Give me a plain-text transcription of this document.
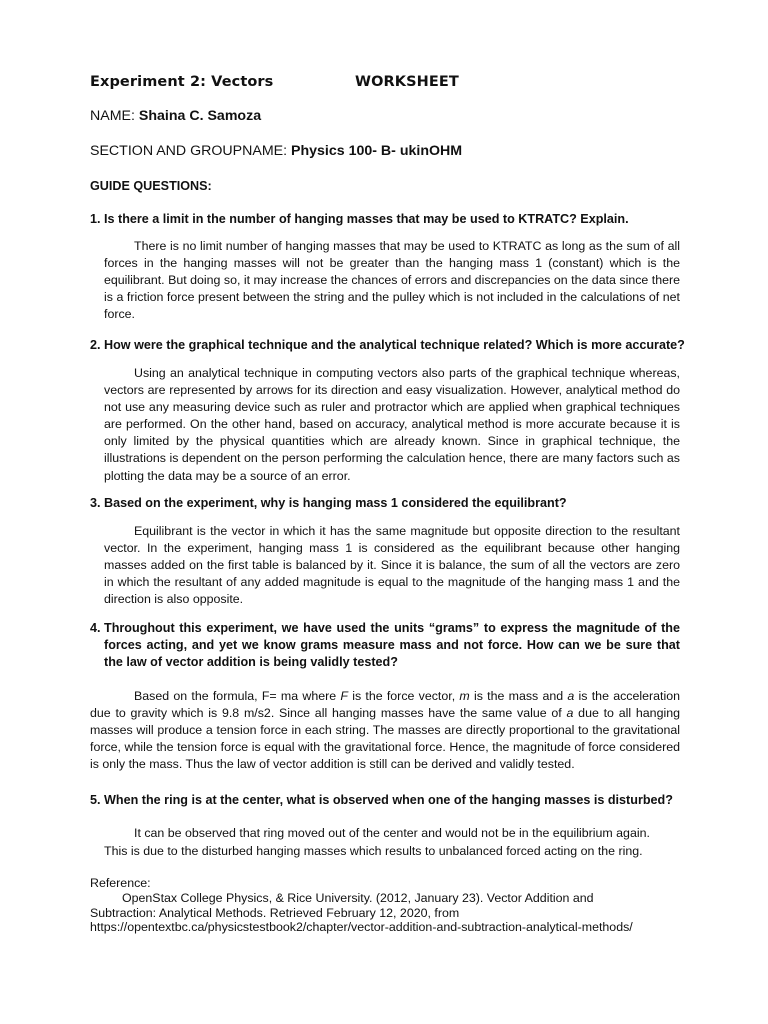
Experiment 2: Vectors	WORKSHEET
NAME: Shaina C. Samoza
SECTION AND GROUPNAME: Physics 100- B- ukinOHM
GUIDE QUESTIONS:
1. Is there a limit in the number of hanging masses that may be used to KTRATC? Explain.
There is no limit number of hanging masses that may be used to KTRATC as long as the sum of all forces in the hanging masses will not be greater than the hanging mass 1 (constant) which is the equilibrant. But doing so, it may increase the chances of errors and discrepancies on the data since there is a friction force present between the string and the pulley which is not included in the calculations of net force.
2. How were the graphical technique and the analytical technique related? Which is more accurate?
Using an analytical technique in computing vectors also parts of the graphical technique whereas, vectors are represented by arrows for its direction and easy visualization. However, analytical method do not use any measuring device such as ruler and protractor which are applied when graphical techniques are performed. On the other hand, based on accuracy, analytical method is more accurate because it is only limited by the physical quantities which are already known. Since in graphical technique, the illustrations is dependent on the person performing the calculation hence, there are many factors such as plotting the data may be a source of an error.
3. Based on the experiment, why is hanging mass 1 considered the equilibrant?
Equilibrant is the vector in which it has the same magnitude but opposite direction to the resultant vector. In the experiment, hanging mass 1 is considered as the equilibrant because other hanging masses added on the first table is balanced by it. Since it is balance, the sum of all the vectors are zero in which the resultant of any added magnitude is equal to the magnitude of the hanging mass 1 and the direction is also opposite.
4. Throughout this experiment, we have used the units “grams” to express the magnitude of the forces acting, and yet we know grams measure mass and not force. How can we be sure that the law of vector addition is being validly tested?
Based on the formula, F= ma where F is the force vector, m is the mass and a is the acceleration due to gravity which is 9.8 m/s2. Since all hanging masses have the same value of a due to all hanging masses will produce a tension force in each string. The masses are directly proportional to the gravitational force, while the tension force is equal with the gravitational force. Hence, the magnitude of force considered is only the mass. Thus the law of vector addition is still can be derived and validly tested.
5. When the ring is at the center, what is observed when one of the hanging masses is disturbed?
It can be observed that ring moved out of the center and would not be in the equilibrium again.
This is due to the disturbed hanging masses which results to unbalanced forced acting on the ring.
Reference:
OpenStax College Physics, & Rice University. (2012, January 23). Vector Addition and
Subtraction: Analytical Methods. Retrieved February 12, 2020, from
https://opentextbc.ca/physicstestbook2/chapter/vector-addition-and-subtraction-analytical-methods/
